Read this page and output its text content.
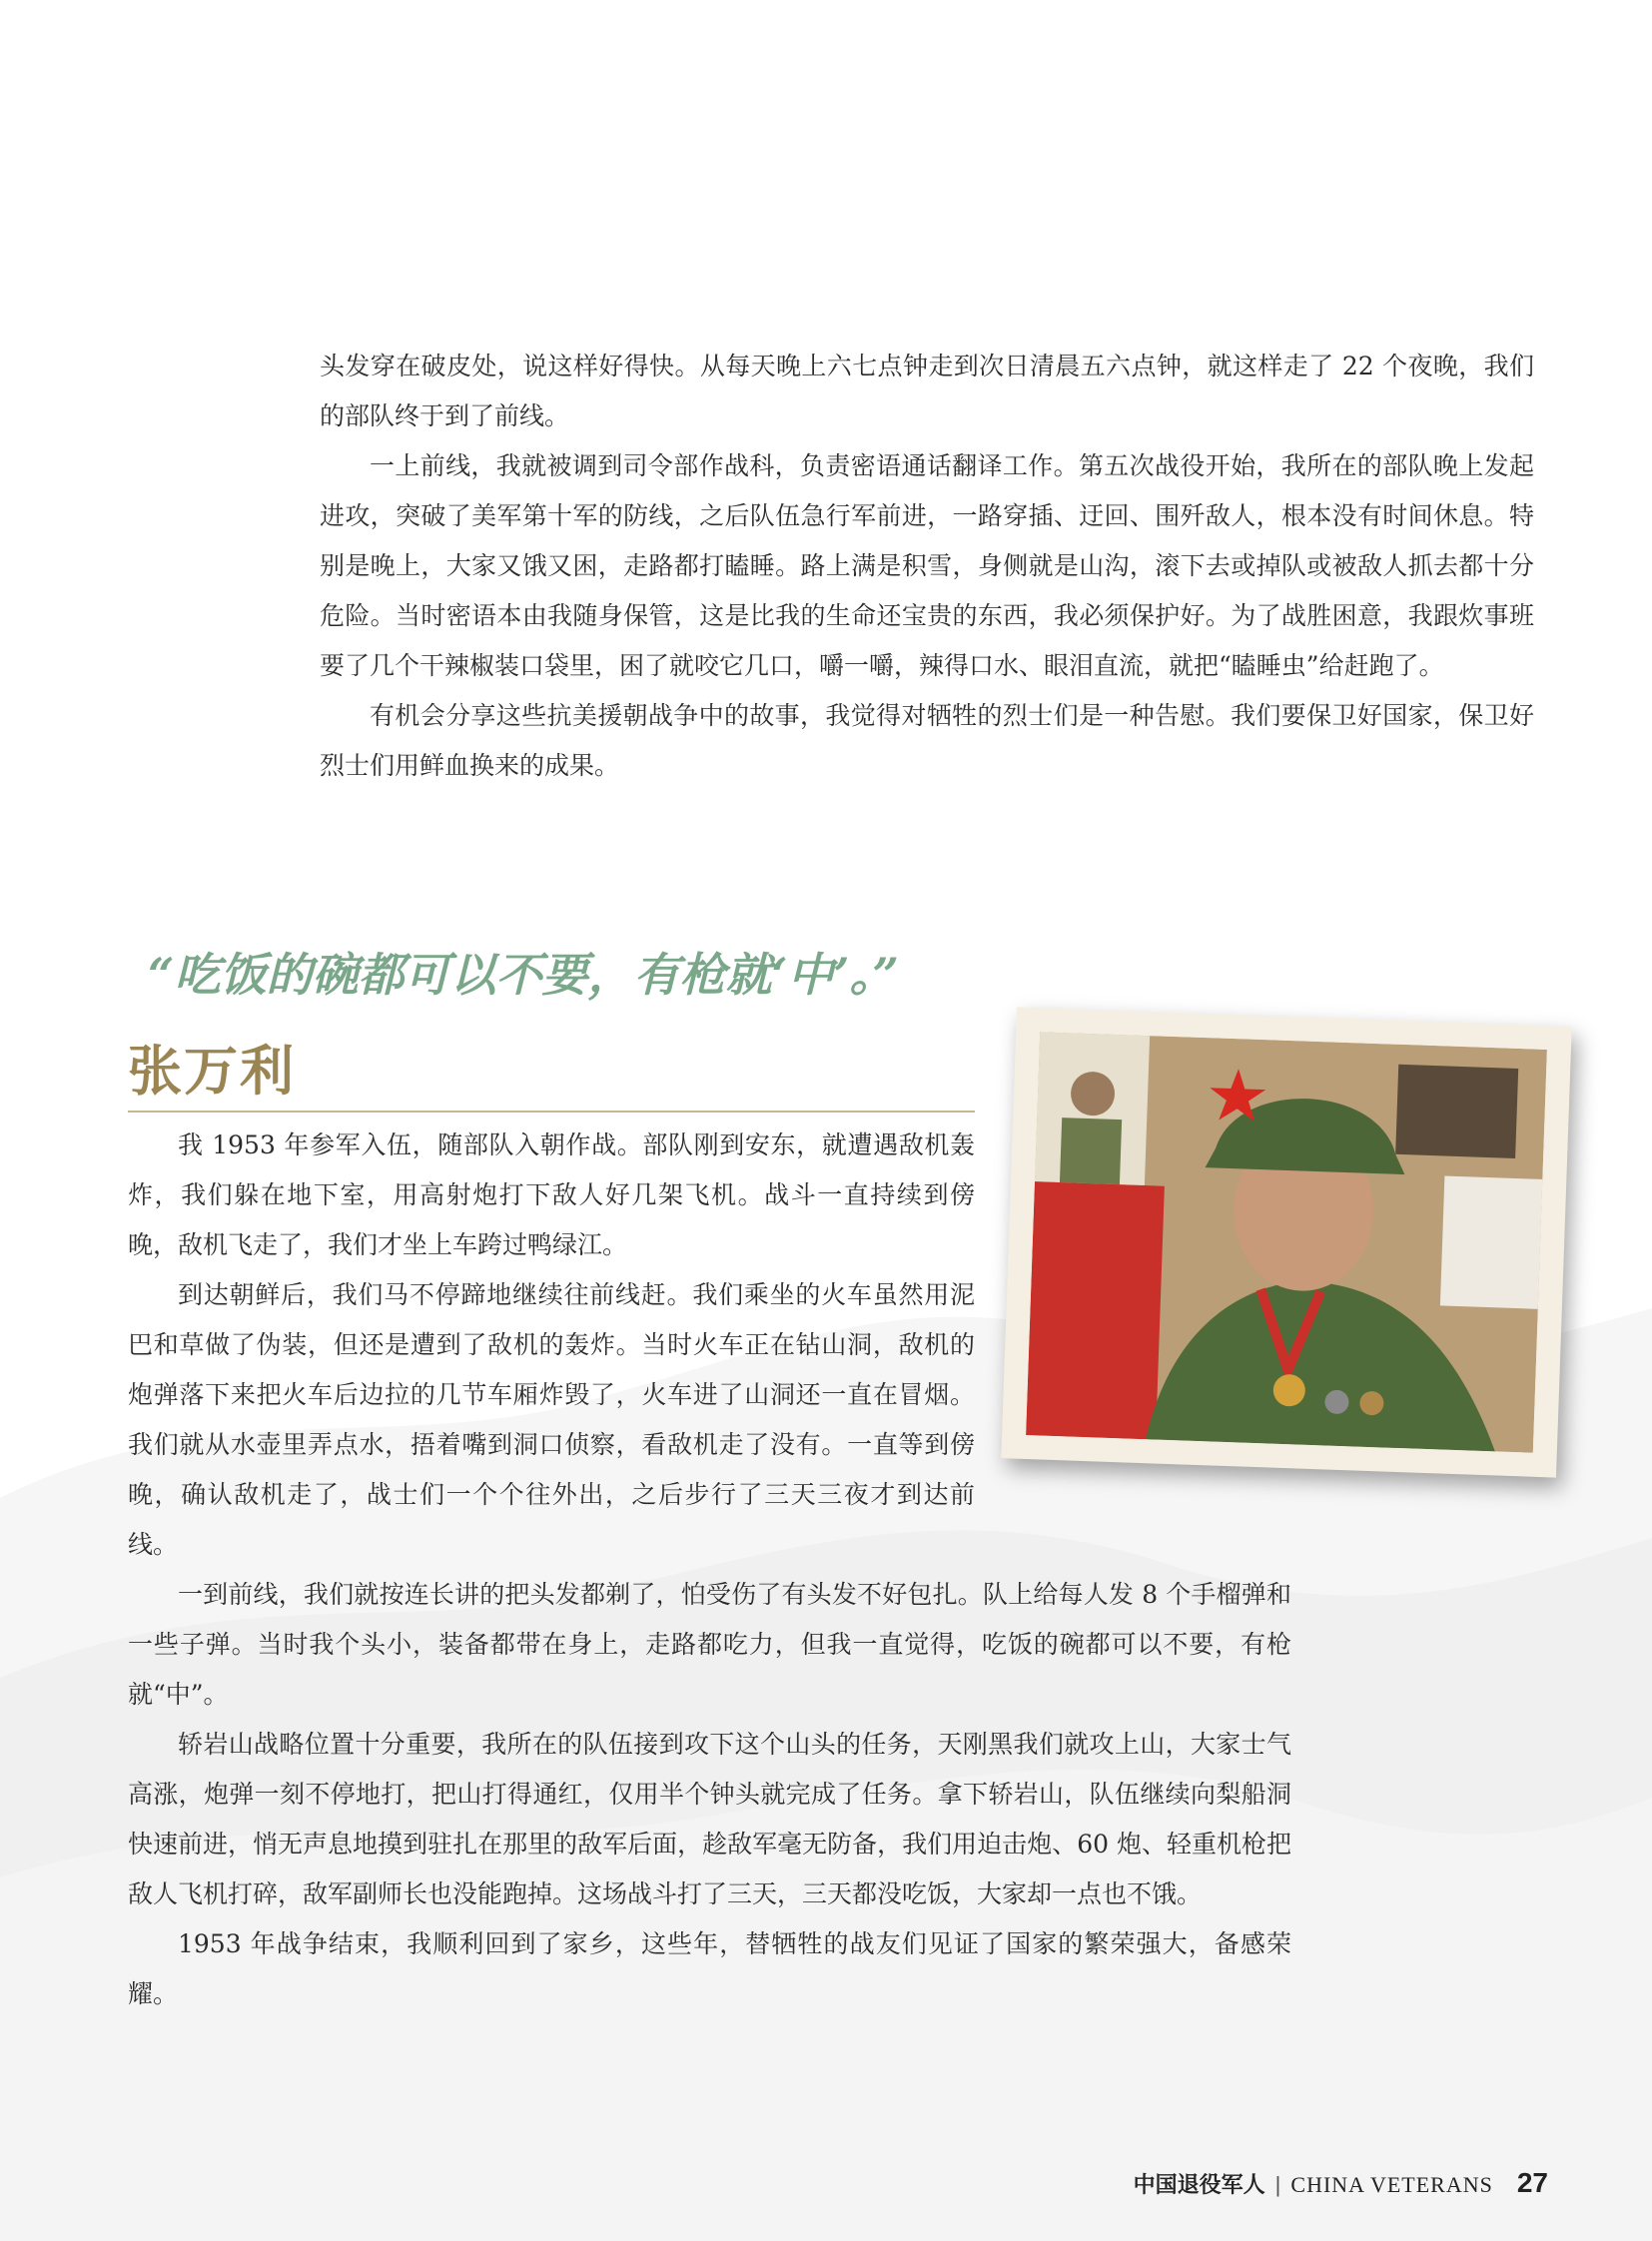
头发穿在破皮处，说这样好得快。从每天晚上六七点钟走到次日清晨五六点钟，就这样走了 22 个夜晚，我们的部队终于到了前线。

一上前线，我就被调到司令部作战科，负责密语通话翻译工作。第五次战役开始，我所在的部队晚上发起进攻，突破了美军第十军的防线，之后队伍急行军前进，一路穿插、迂回、围歼敌人，根本没有时间休息。特别是晚上，大家又饿又困，走路都打瞌睡。路上满是积雪，身侧就是山沟，滚下去或掉队或被敌人抓去都十分危险。当时密语本由我随身保管，这是比我的生命还宝贵的东西，我必须保护好。为了战胜困意，我跟炊事班要了几个干辣椒装口袋里，困了就咬它几口，嚼一嚼，辣得口水、眼泪直流，就把“瞌睡虫”给赶跑了。

有机会分享这些抗美援朝战争中的故事，我觉得对牺牲的烈士们是一种告慰。我们要保卫好国家，保卫好烈士们用鲜血换来的成果。

“吃饭的碗都可以不要，有枪就‘中’。”
张万利

我 1953 年参军入伍，随部队入朝作战。部队刚到安东，就遭遇敌机轰炸，我们躲在地下室，用高射炮打下敌人好几架飞机。战斗一直持续到傍晚，敌机飞走了，我们才坐上车跨过鸭绿江。

到达朝鲜后，我们马不停蹄地继续往前线赶。我们乘坐的火车虽然用泥巴和草做了伪装，但还是遭到了敌机的轰炸。当时火车正在钻山洞，敌机的炮弹落下来把火车后边拉的几节车厢炸毁了，火车进了山洞还一直在冒烟。我们就从水壶里弄点水，捂着嘴到洞口侦察，看敌机走了没有。一直等到傍晚，确认敌机走了，战士们一个个往外出，之后步行了三天三夜才到达前线。

一到前线，我们就按连长讲的把头发都剃了，怕受伤了有头发不好包扎。队上给每人发 8 个手榴弹和一些子弹。当时我个头小，装备都带在身上，走路都吃力，但我一直觉得，吃饭的碗都可以不要，有枪就“中”。

轿岩山战略位置十分重要，我所在的队伍接到攻下这个山头的任务，天刚黑我们就攻上山，大家士气高涨，炮弹一刻不停地打，把山打得通红，仅用半个钟头就完成了任务。拿下轿岩山，队伍继续向梨船洞快速前进，悄无声息地摸到驻扎在那里的敌军后面，趁敌军毫无防备，我们用迫击炮、60 炮、轻重机枪把敌人飞机打碎，敌军副师长也没能跑掉。这场战斗打了三天，三天都没吃饭，大家却一点也不饿。

1953 年战争结束，我顺利回到了家乡，这些年，替牺牲的战友们见证了国家的繁荣强大，备感荣耀。

中国退役军人 | CHINA VETERANS 27
